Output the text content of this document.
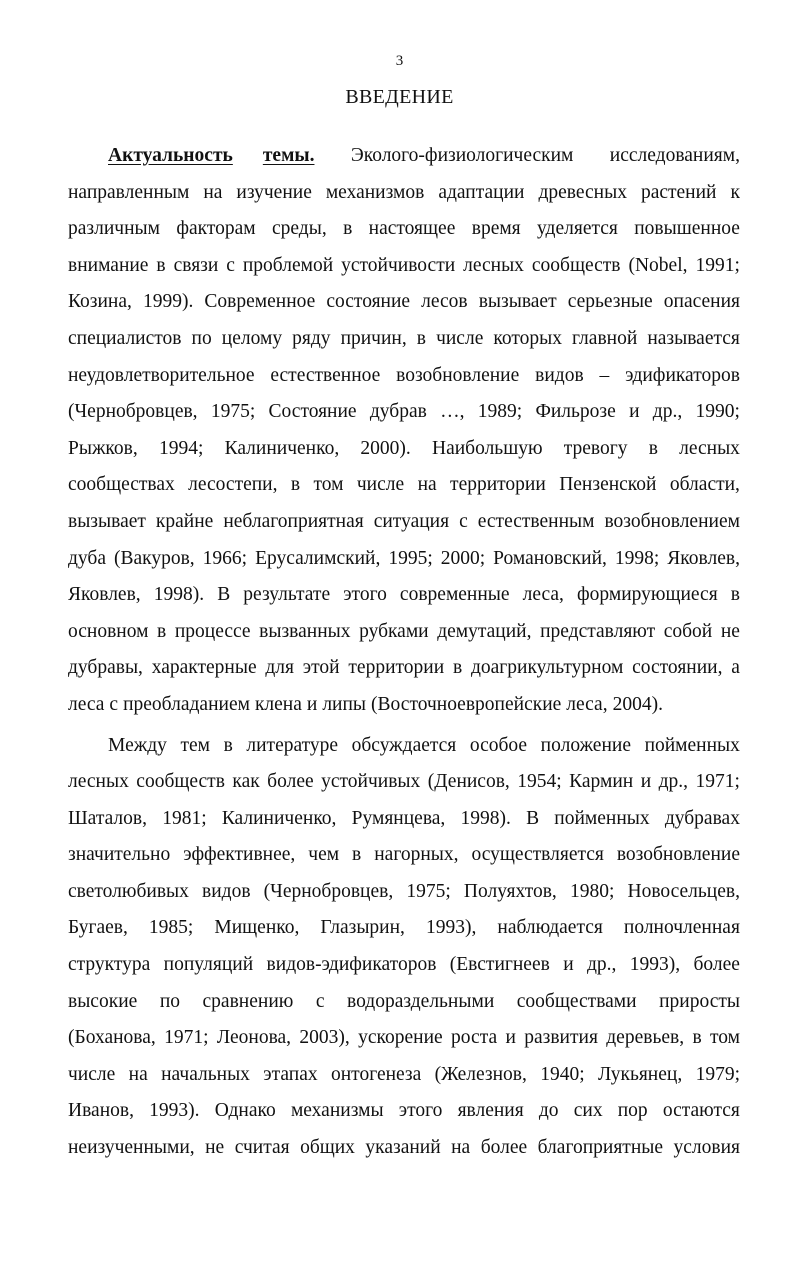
3
ВВЕДЕНИЕ
Актуальность темы. Эколого-физиологическим исследованиям,
направленным на изучение механизмов адаптации древесных растений к
различным факторам среды, в настоящее время уделяется повышенное
внимание в связи с проблемой устойчивости лесных сообществ (Nobel, 1991;
Козина, 1999). Современное состояние лесов вызывает серьезные опасения
специалистов по целому ряду причин, в числе которых главной называется
неудовлетворительное естественное возобновление видов – эдификаторов
(Чернобровцев, 1975; Состояние дубрав …, 1989; Фильрозе и др., 1990;
Рыжков, 1994; Калиниченко, 2000). Наибольшую тревогу в лесных
сообществах лесостепи, в том числе на территории Пензенской области,
вызывает крайне неблагоприятная ситуация с естественным возобновлением
дуба (Вакуров, 1966; Ерусалимский, 1995; 2000; Романовский, 1998; Яковлев,
Яковлев, 1998). В результате этого современные леса, формирующиеся в
основном в процессе вызванных рубками демутаций, представляют собой не
дубравы, характерные для этой территории в доагрикультурном состоянии, а
леса с преобладанием клена и липы (Восточноевропейские леса, 2004).
Между тем в литературе обсуждается особое положение пойменных
лесных сообществ как более устойчивых (Денисов, 1954; Кармин и др., 1971;
Шаталов, 1981; Калиниченко, Румянцева, 1998). В пойменных дубравах
значительно эффективнее, чем в нагорных, осуществляется возобновление
светолюбивых видов (Чернобровцев, 1975; Полуяхтов, 1980; Новосельцев,
Бугаев, 1985; Мищенко, Глазырин, 1993), наблюдается полночленная
структура популяций видов-эдификаторов (Евстигнеев и др., 1993), более
высокие по сравнению с водораздельными сообществами приросты
(Боханова, 1971; Леонова, 2003), ускорение роста и развития деревьев, в том
числе на начальных этапах онтогенеза (Железнов, 1940; Лукьянец, 1979;
Иванов, 1993). Однако механизмы этого явления до сих пор остаются
неизученными, не считая общих указаний на более благоприятные условия
